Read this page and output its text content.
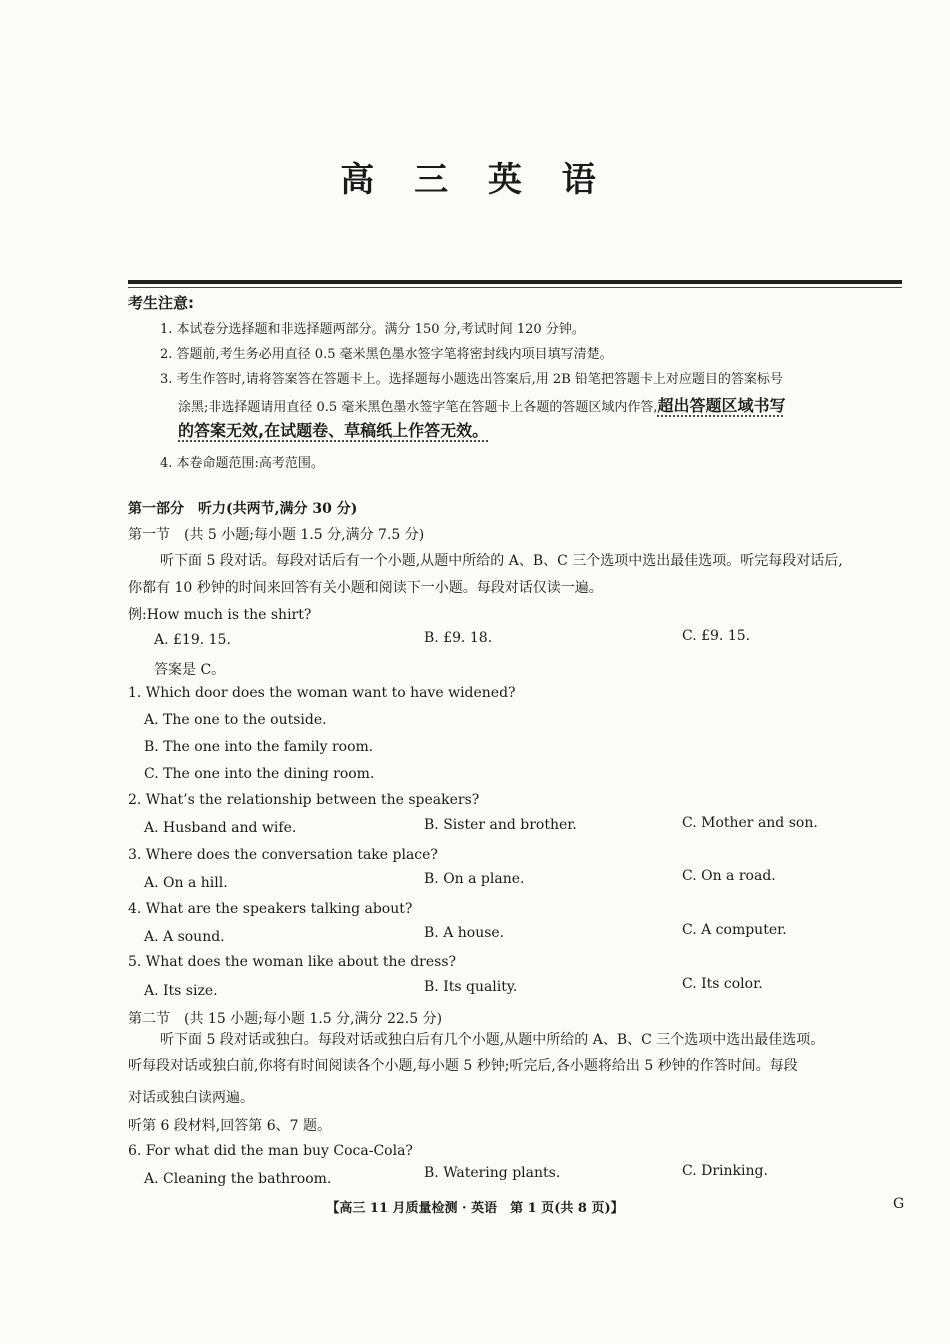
高 三 英 语
考生注意:
1. 本试卷分选择题和非选择题两部分。满分 150 分,考试时间 120 分钟。
2. 答题前,考生务必用直径 0.5 毫米黑色墨水签字笔将密封线内项目填写清楚。
3. 考生作答时,请将答案答在答题卡上。选择题每小题选出答案后,用 2B 铅笔把答题卡上对应题目的答案标号
涂黑;非选择题请用直径 0.5 毫米黑色墨水签字笔在答题卡上各题的答题区域内作答,超出答题区域书写
的答案无效,在试题卷、草稿纸上作答无效。
4. 本卷命题范围:高考范围。
第一部分　听力(共两节,满分 30 分)
第一节　(共 5 小题;每小题 1.5 分,满分 7.5 分)
听下面 5 段对话。每段对话后有一个小题,从题中所给的 A、B、C 三个选项中选出最佳选项。听完每段对话后,
你都有 10 秒钟的时间来回答有关小题和阅读下一小题。每段对话仅读一遍。
例:How much is the shirt?
A. £19. 15.	B. £9. 18.	C. £9. 15.
答案是 C。
1. Which door does the woman want to have widened?
A. The one to the outside.
B. The one into the family room.
C. The one into the dining room.
2. What’s the relationship between the speakers?
A. Husband and wife.	B. Sister and brother.	C. Mother and son.
3. Where does the conversation take place?
A. On a hill.	B. On a plane.	C. On a road.
4. What are the speakers talking about?
A. A sound.	B. A house.	C. A computer.
5. What does the woman like about the dress?
A. Its size.	B. Its quality.	C. Its color.
第二节　(共 15 小题;每小题 1.5 分,满分 22.5 分)
听下面 5 段对话或独白。每段对话或独白后有几个小题,从题中所给的 A、B、C 三个选项中选出最佳选项。
听每段对话或独白前,你将有时间阅读各个小题,每小题 5 秒钟;听完后,各小题将给出 5 秒钟的作答时间。每段
对话或独白读两遍。
听第 6 段材料,回答第 6、7 题。
6. For what did the man buy Coca-Cola?
A. Cleaning the bathroom.	B. Watering plants.	C. Drinking.
【高三 11 月质量检测 · 英语　第 1 页(共 8 页)】	G
